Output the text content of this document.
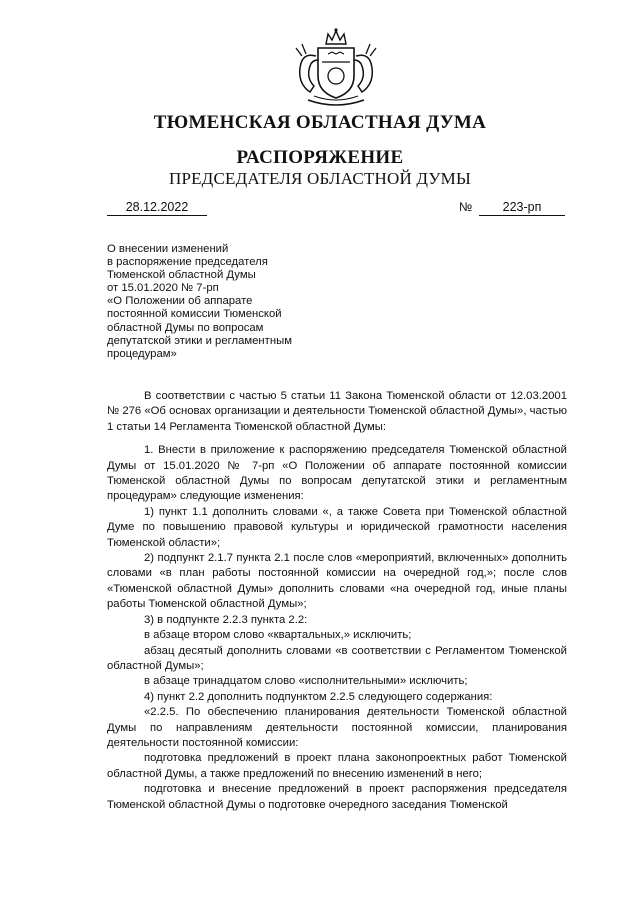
ТЮМЕНСКАЯ ОБЛАСТНАЯ ДУМА
РАСПОРЯЖЕНИЕ
ПРЕДСЕДАТЕЛЯ ОБЛАСТНОЙ ДУМЫ
28.12.2022	№	223-рп
О внесении изменений
в распоряжение председателя
Тюменской областной Думы
от 15.01.2020 № 7-рп
«О Положении об аппарате
постоянной комиссии Тюменской
областной Думы по вопросам
депутатской этики и регламентным
процедурам»

В соответствии с частью 5 статьи 11 Закона Тюменской области от 12.03.2001 № 276 «Об основах организации и деятельности Тюменской областной Думы», частью 1 статьи 14 Регламента Тюменской областной Думы:

1. Внести в приложение к распоряжению председателя Тюменской областной Думы от 15.01.2020 № 7-рп «О Положении об аппарате постоянной комиссии Тюменской областной Думы по вопросам депутатской этики и регламентным процедурам» следующие изменения:

1) пункт 1.1 дополнить словами «, а также Совета при Тюменской областной Думе по повышению правовой культуры и юридической грамотности населения Тюменской области»;

2) подпункт 2.1.7 пункта 2.1 после слов «мероприятий, включенных» дополнить словами «в план работы постоянной комиссии на очередной год,»; после слов «Тюменской областной Думы» дополнить словами «на очередной год, иные планы работы Тюменской областной Думы»;

3) в подпункте 2.2.3 пункта 2.2:

в абзаце втором слово «квартальных,» исключить;

абзац десятый дополнить словами «в соответствии с Регламентом Тюменской областной Думы»;

в абзаце тринадцатом слово «исполнительными» исключить;

4) пункт 2.2 дополнить подпунктом 2.2.5 следующего содержания:

«2.2.5. По обеспечению планирования деятельности Тюменской областной Думы по направлениям деятельности постоянной комиссии, планирования деятельности постоянной комиссии:

подготовка предложений в проект плана законопроектных работ Тюменской областной Думы, а также предложений по внесению изменений в него;

подготовка и внесение предложений в проект распоряжения председателя Тюменской областной Думы о подготовке очередного заседания Тюменской
